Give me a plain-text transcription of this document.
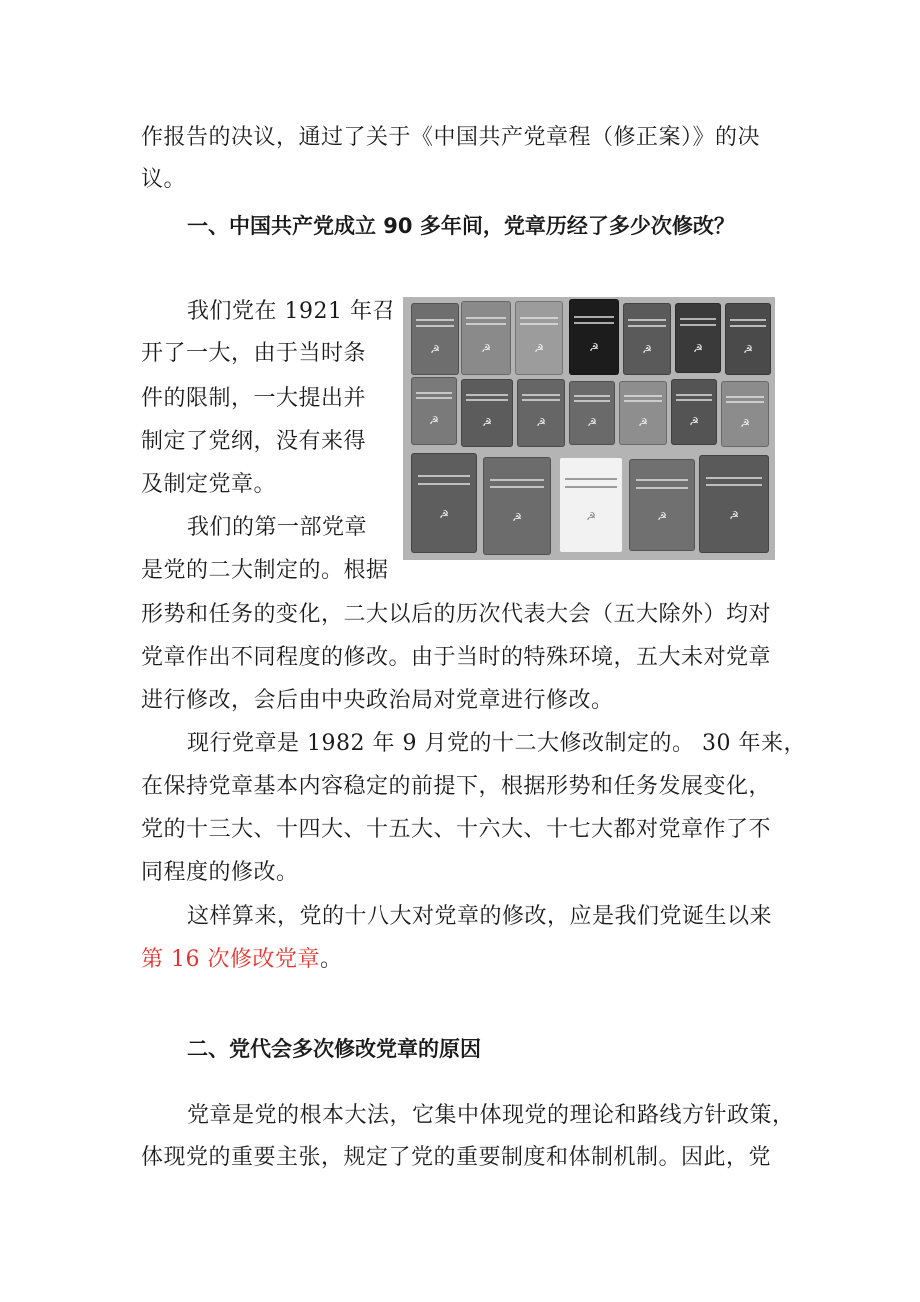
作报告的决议，通过了关于《中国共产党章程（修正案）》的决
议。
一、中国共产党成立 90 多年间，党章历经了多少次修改？
我们党在 1921 年召
开了一大，由于当时条
件的限制，一大提出并
制定了党纲，没有来得
及制定党章。
我们的第一部党章
是党的二大制定的。根据
☭	☭	☭	☭	☭	☭	☭
☭	☭	☭	☭	☭	☭	☭
☭	☭	☭	☭	☭
形势和任务的变化，二大以后的历次代表大会（五大除外）均对
党章作出不同程度的修改。由于当时的特殊环境，五大未对党章
进行修改，会后由中央政治局对党章进行修改。
现行党章是 1982 年 9 月党的十二大修改制定的。 30 年来，
在保持党章基本内容稳定的前提下，根据形势和任务发展变化，
党的十三大、十四大、十五大、十六大、十七大都对党章作了不
同程度的修改。
这样算来，党的十八大对党章的修改，应是我们党诞生以来
第 16 次修改党章。
二、党代会多次修改党章的原因
党章是党的根本大法，它集中体现党的理论和路线方针政策，
体现党的重要主张，规定了党的重要制度和体制机制。因此，党
